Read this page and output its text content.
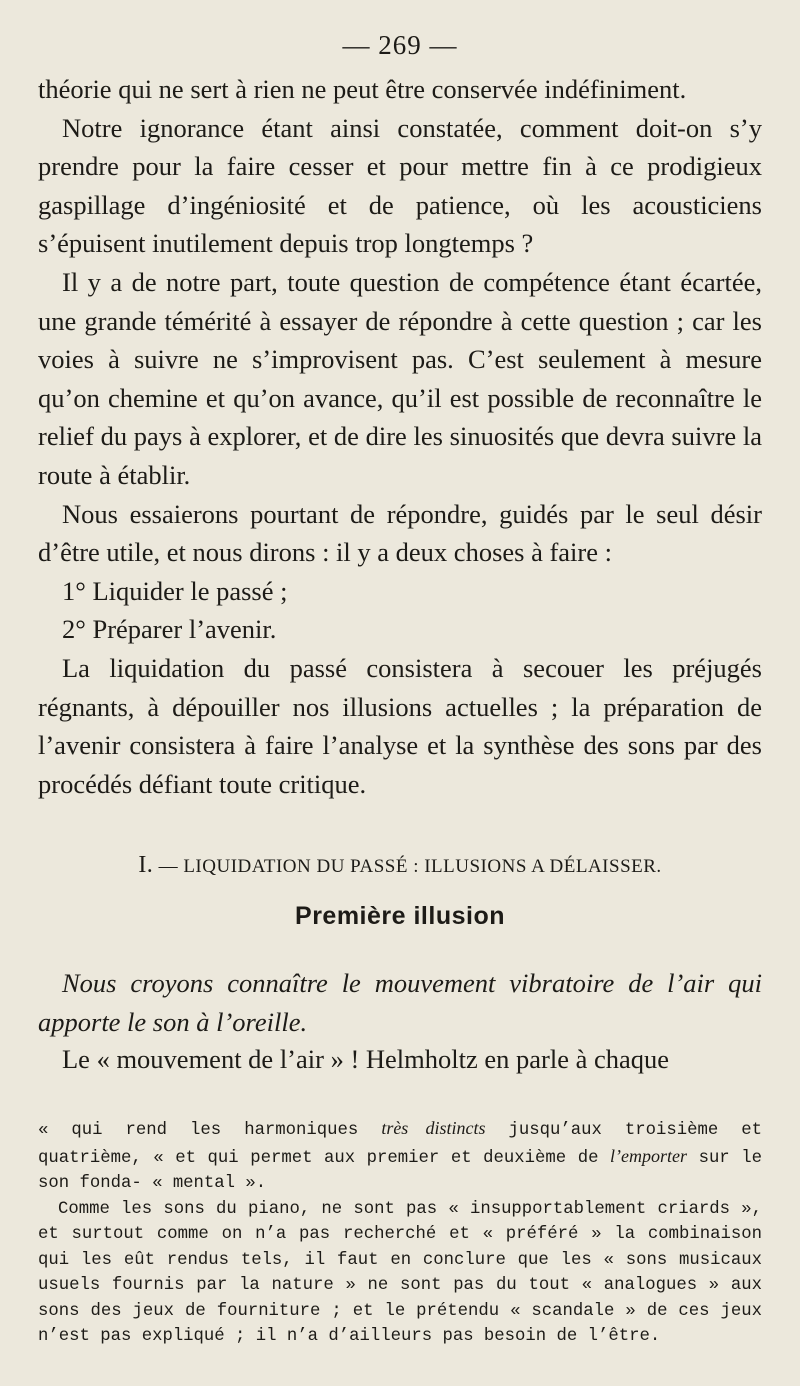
— 269 —

théorie qui ne sert à rien ne peut être conservée indéfiniment.

Notre ignorance étant ainsi constatée, comment doit-on s’y prendre pour la faire cesser et pour mettre fin à ce prodigieux gaspillage d’ingéniosité et de patience, où les acousticiens s’épuisent inutilement depuis trop longtemps ?

Il y a de notre part, toute question de compétence étant écartée, une grande témérité à essayer de répondre à cette question ; car les voies à suivre ne s’improvisent pas. C’est seulement à mesure qu’on chemine et qu’on avance, qu’il est possible de reconnaître le relief du pays à explorer, et de dire les sinuosités que devra suivre la route à établir.

Nous essaierons pourtant de répondre, guidés par le seul désir d’être utile, et nous dirons : il y a deux choses à faire :

1° Liquider le passé ;

2° Préparer l’avenir.

La liquidation du passé consistera à secouer les préjugés régnants, à dépouiller nos illusions actuelles ; la préparation de l’avenir consistera à faire l’analyse et la synthèse des sons par des procédés défiant toute critique.

I. — LIQUIDATION DU PASSÉ : ILLUSIONS A DÉLAISSER.
Première illusion

Nous croyons connaître le mouvement vibratoire de l’air qui apporte le son à l’oreille.

Le « mouvement de l’air » ! Helmholtz en parle à chaque

« qui rend les harmoniques très distincts jusqu’aux troisième et quatrième, « et qui permet aux premier et deuxième de l’emporter sur le son fonda- « mental ».

Comme les sons du piano, ne sont pas « insupportablement criards », et surtout comme on n’a pas recherché et « préféré » la combinaison qui les eût rendus tels, il faut en conclure que les « sons musicaux usuels fournis par la nature » ne sont pas du tout « analogues » aux sons des jeux de fourniture ; et le prétendu « scandale » de ces jeux n’est pas expliqué ; il n’a d’ailleurs pas besoin de l’être.
